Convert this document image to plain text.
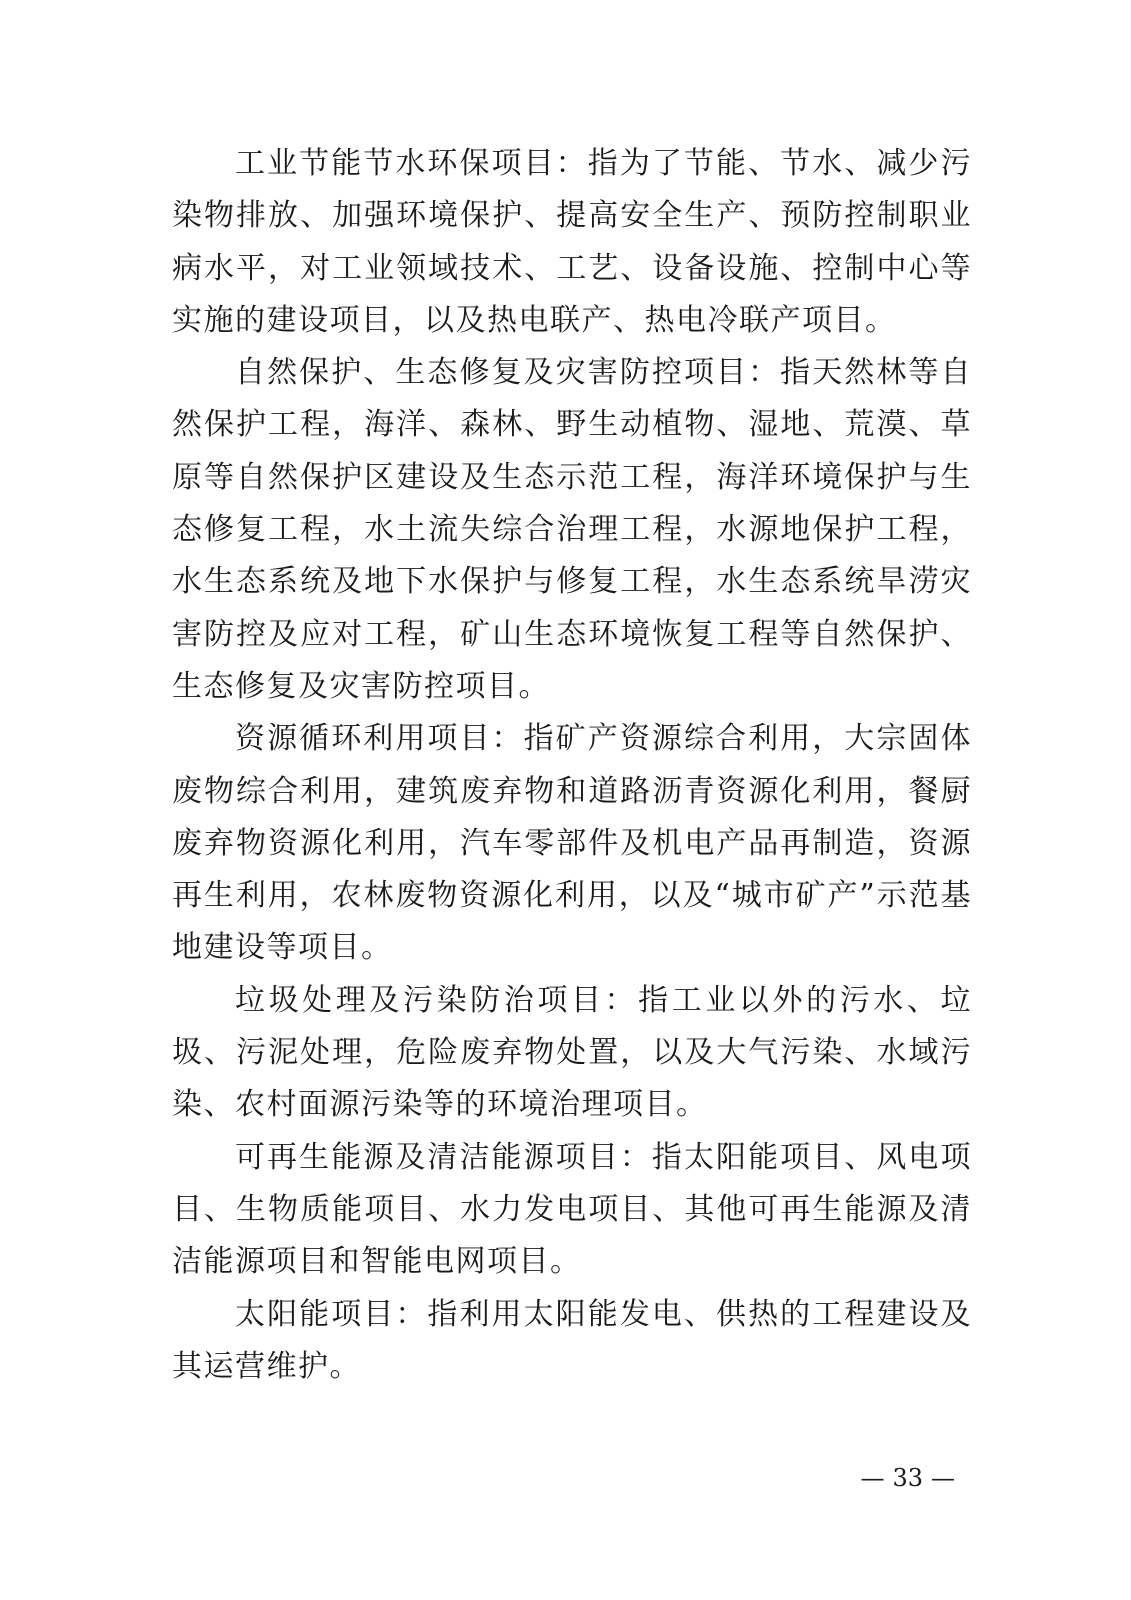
工业节能节水环保项目：指为了节能、节水、减少污染物排放、加强环境保护、提高安全生产、预防控制职业病水平，对工业领域技术、工艺、设备设施、控制中心等实施的建设项目，以及热电联产、热电冷联产项目。

自然保护、生态修复及灾害防控项目：指天然林等自然保护工程，海洋、森林、野生动植物、湿地、荒漠、草原等自然保护区建设及生态示范工程，海洋环境保护与生态修复工程，水土流失综合治理工程，水源地保护工程，水生态系统及地下水保护与修复工程，水生态系统旱涝灾害防控及应对工程，矿山生态环境恢复工程等自然保护、生态修复及灾害防控项目。

资源循环利用项目：指矿产资源综合利用，大宗固体废物综合利用，建筑废弃物和道路沥青资源化利用，餐厨废弃物资源化利用，汽车零部件及机电产品再制造，资源再生利用，农林废物资源化利用，以及“城市矿产”示范基地建设等项目。

垃圾处理及污染防治项目：指工业以外的污水、垃圾、污泥处理，危险废弃物处置，以及大气污染、水域污染、农村面源污染等的环境治理项目。

可再生能源及清洁能源项目：指太阳能项目、风电项目、生物质能项目、水力发电项目、其他可再生能源及清洁能源项目和智能电网项目。

太阳能项目：指利用太阳能发电、供热的工程建设及其运营维护。

— 33 —
